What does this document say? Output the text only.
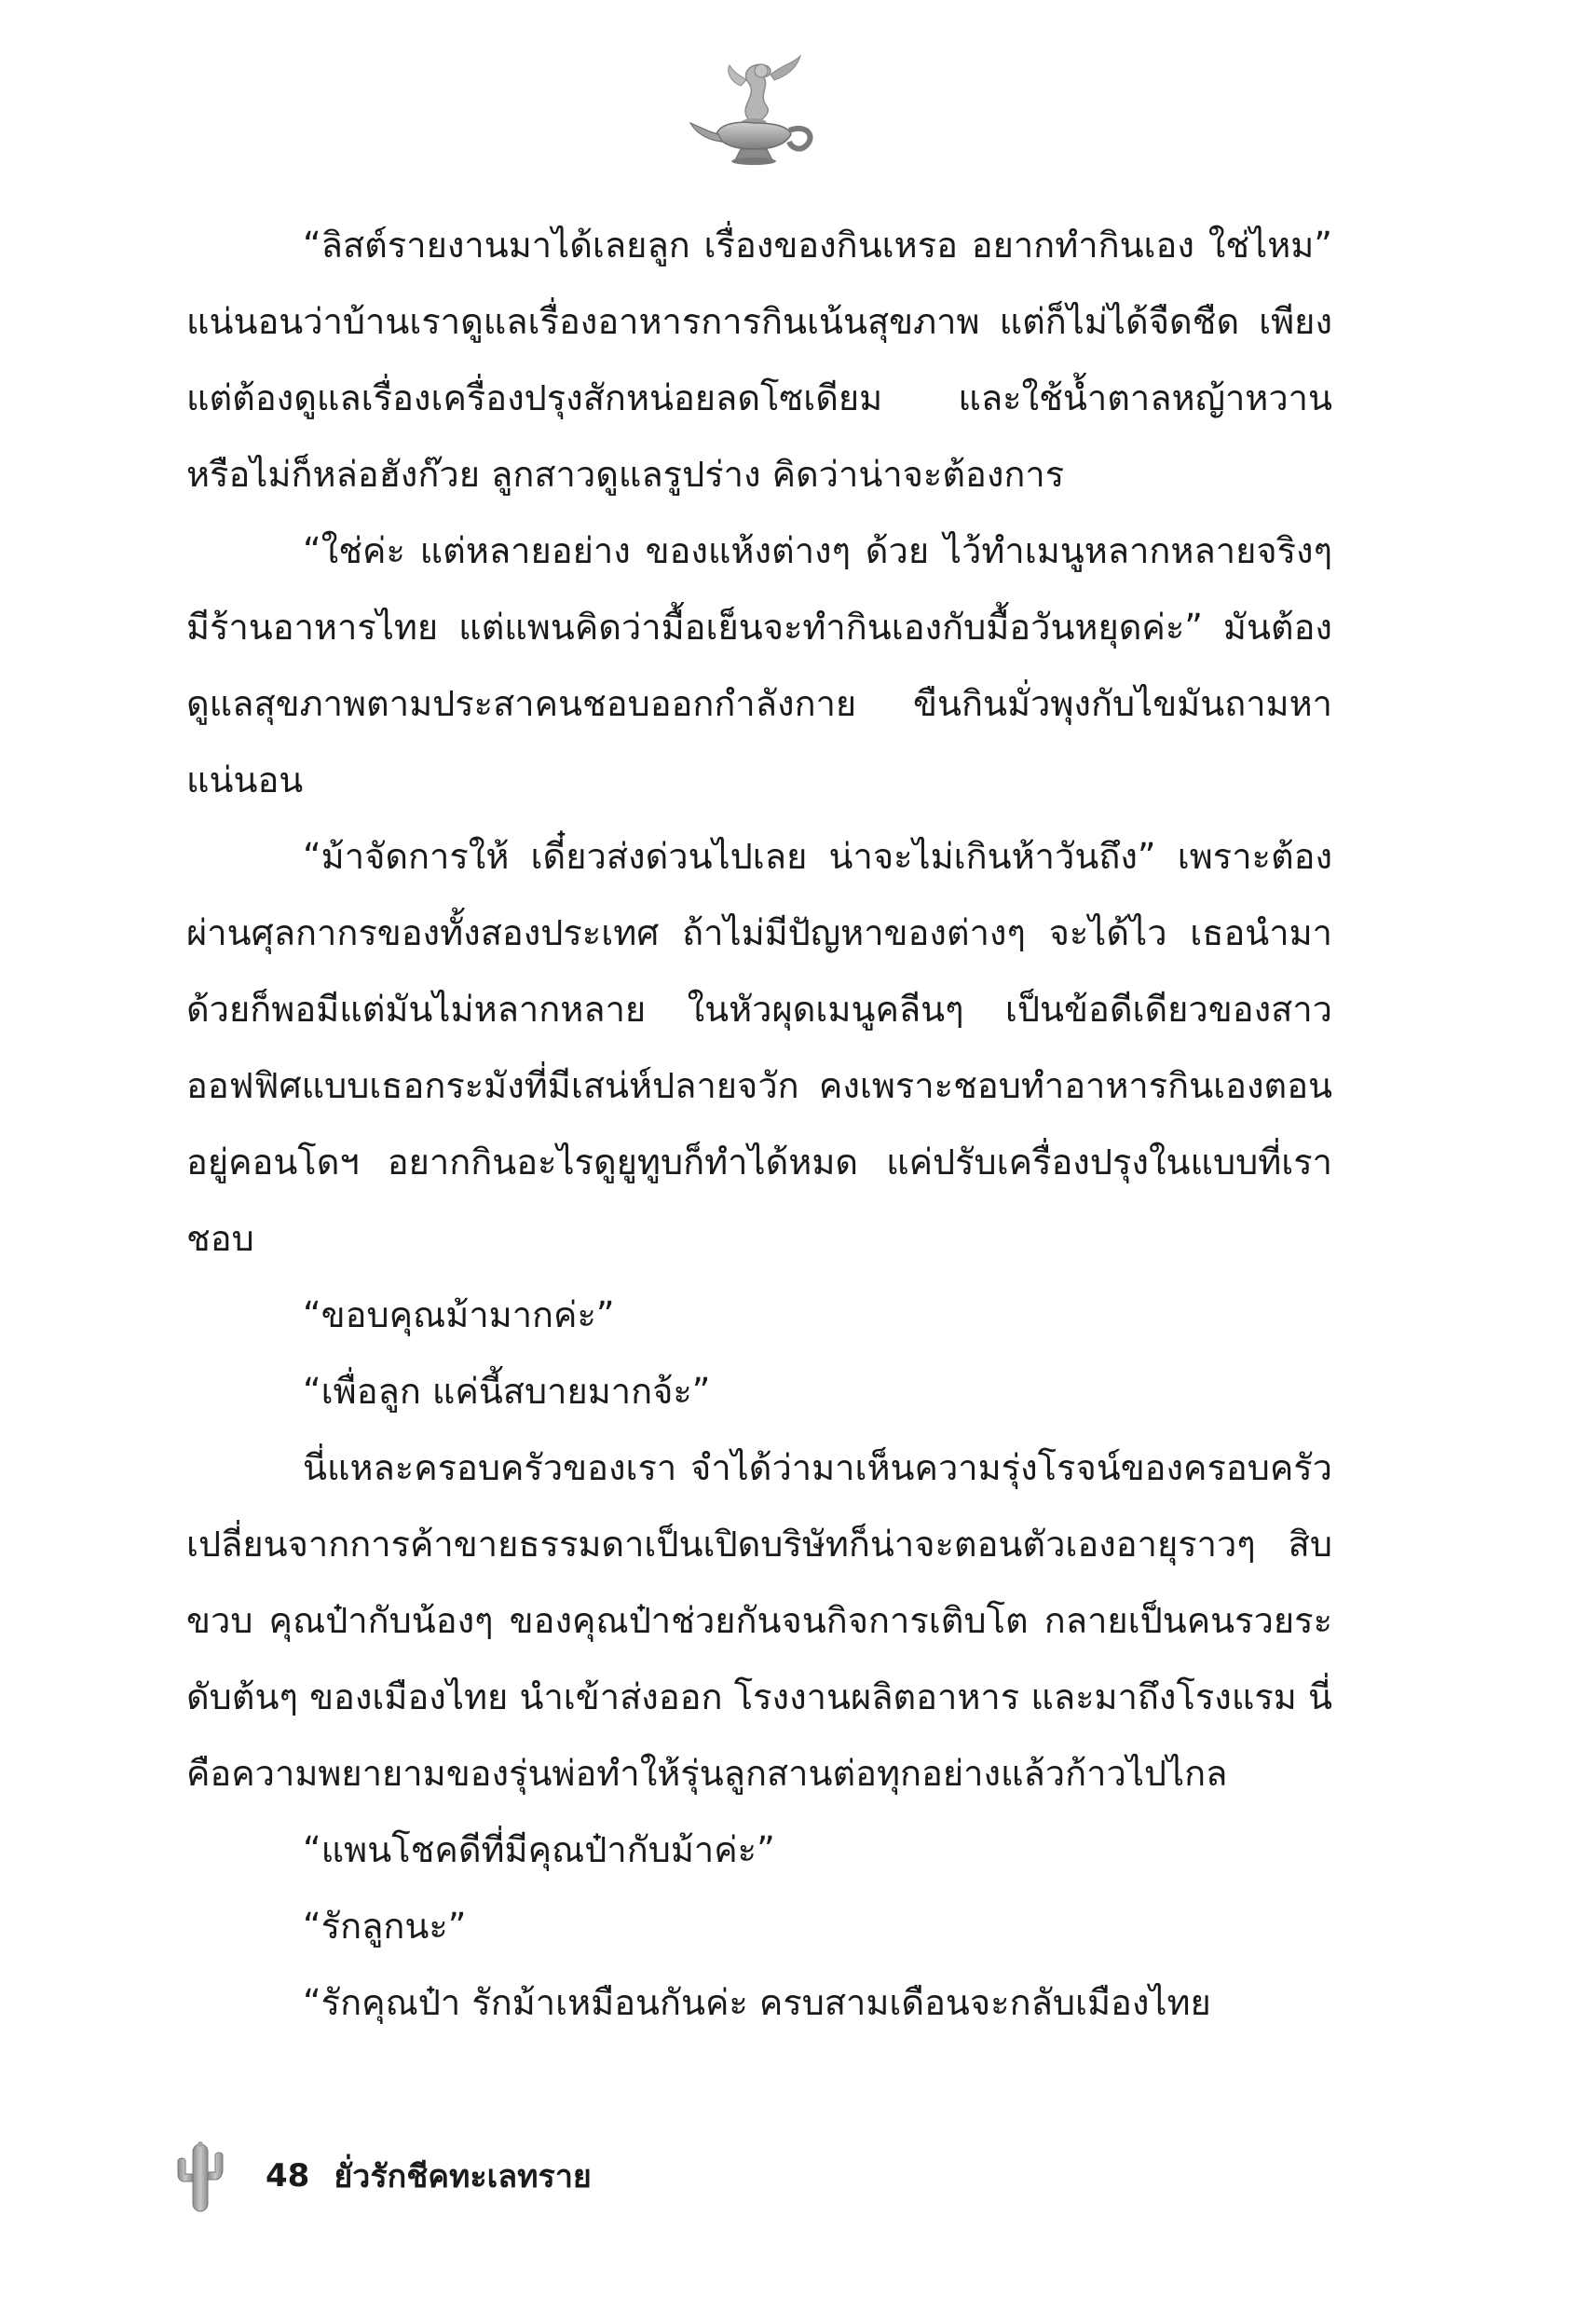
“ลิสต์รายงานมาได้เลยลูก เรื่องของกินเหรอ อยากทำกินเอง ใช่ไหม” แน่นอนว่าบ้านเราดูแลเรื่องอาหารการกินเน้นสุขภาพ แต่ก็ไม่ได้จืดชืด เพียงแต่ต้องดูแลเรื่องเครื่องปรุงสักหน่อยลดโซเดียม และใช้น้ำตาลหญ้าหวาน หรือไม่ก็หล่อฮังก๊วย ลูกสาวดูแลรูปร่าง คิดว่าน่าจะต้องการ

“ใช่ค่ะ แต่หลายอย่าง ของแห้งต่างๆ ด้วย ไว้ทำเมนูหลากหลายจริงๆ มีร้านอาหารไทย แต่แพนคิดว่ามื้อเย็นจะทำกินเองกับมื้อวันหยุดค่ะ” มันต้องดูแลสุขภาพตามประสาคนชอบออกกำลังกาย ขืนกินมั่วพุงกับไขมันถามหาแน่นอน

“ม้าจัดการให้ เดี๋ยวส่งด่วนไปเลย น่าจะไม่เกินห้าวันถึง” เพราะต้องผ่านศุลกากรของทั้งสองประเทศ ถ้าไม่มีปัญหาของต่างๆ จะได้ไว เธอนำมาด้วยก็พอมีแต่มันไม่หลากหลาย ในหัวผุดเมนูคลีนๆ เป็นข้อดีเดียวของสาวออฟฟิศแบบเธอกระมังที่มีเสน่ห์ปลายจวัก คงเพราะชอบทำอาหารกินเองตอนอยู่คอนโดฯ อยากกินอะไรดูยูทูบก็ทำได้หมด แค่ปรับเครื่องปรุงในแบบที่เราชอบ

“ขอบคุณม้ามากค่ะ”

“เพื่อลูก แค่นี้สบายมากจ้ะ”

นี่แหละครอบครัวของเรา จำได้ว่ามาเห็นความรุ่งโรจน์ของครอบครัวเปลี่ยนจากการค้าขายธรรมดาเป็นเปิดบริษัทก็น่าจะตอนตัวเองอายุราวๆ สิบขวบ คุณป๋ากับน้องๆ ของคุณป๋าช่วยกันจนกิจการเติบโต กลายเป็นคนรวยระดับต้นๆ ของเมืองไทย นำเข้าส่งออก โรงงานผลิตอาหาร และมาถึงโรงแรม นี่คือความพยายามของรุ่นพ่อทำให้รุ่นลูกสานต่อทุกอย่างแล้วก้าวไปไกล

“แพนโชคดีที่มีคุณป๋ากับม้าค่ะ”

“รักลูกนะ”

“รักคุณป๋า รักม้าเหมือนกันค่ะ ครบสามเดือนจะกลับเมืองไทย

48 ยั่วรักชีคทะเลทราย
